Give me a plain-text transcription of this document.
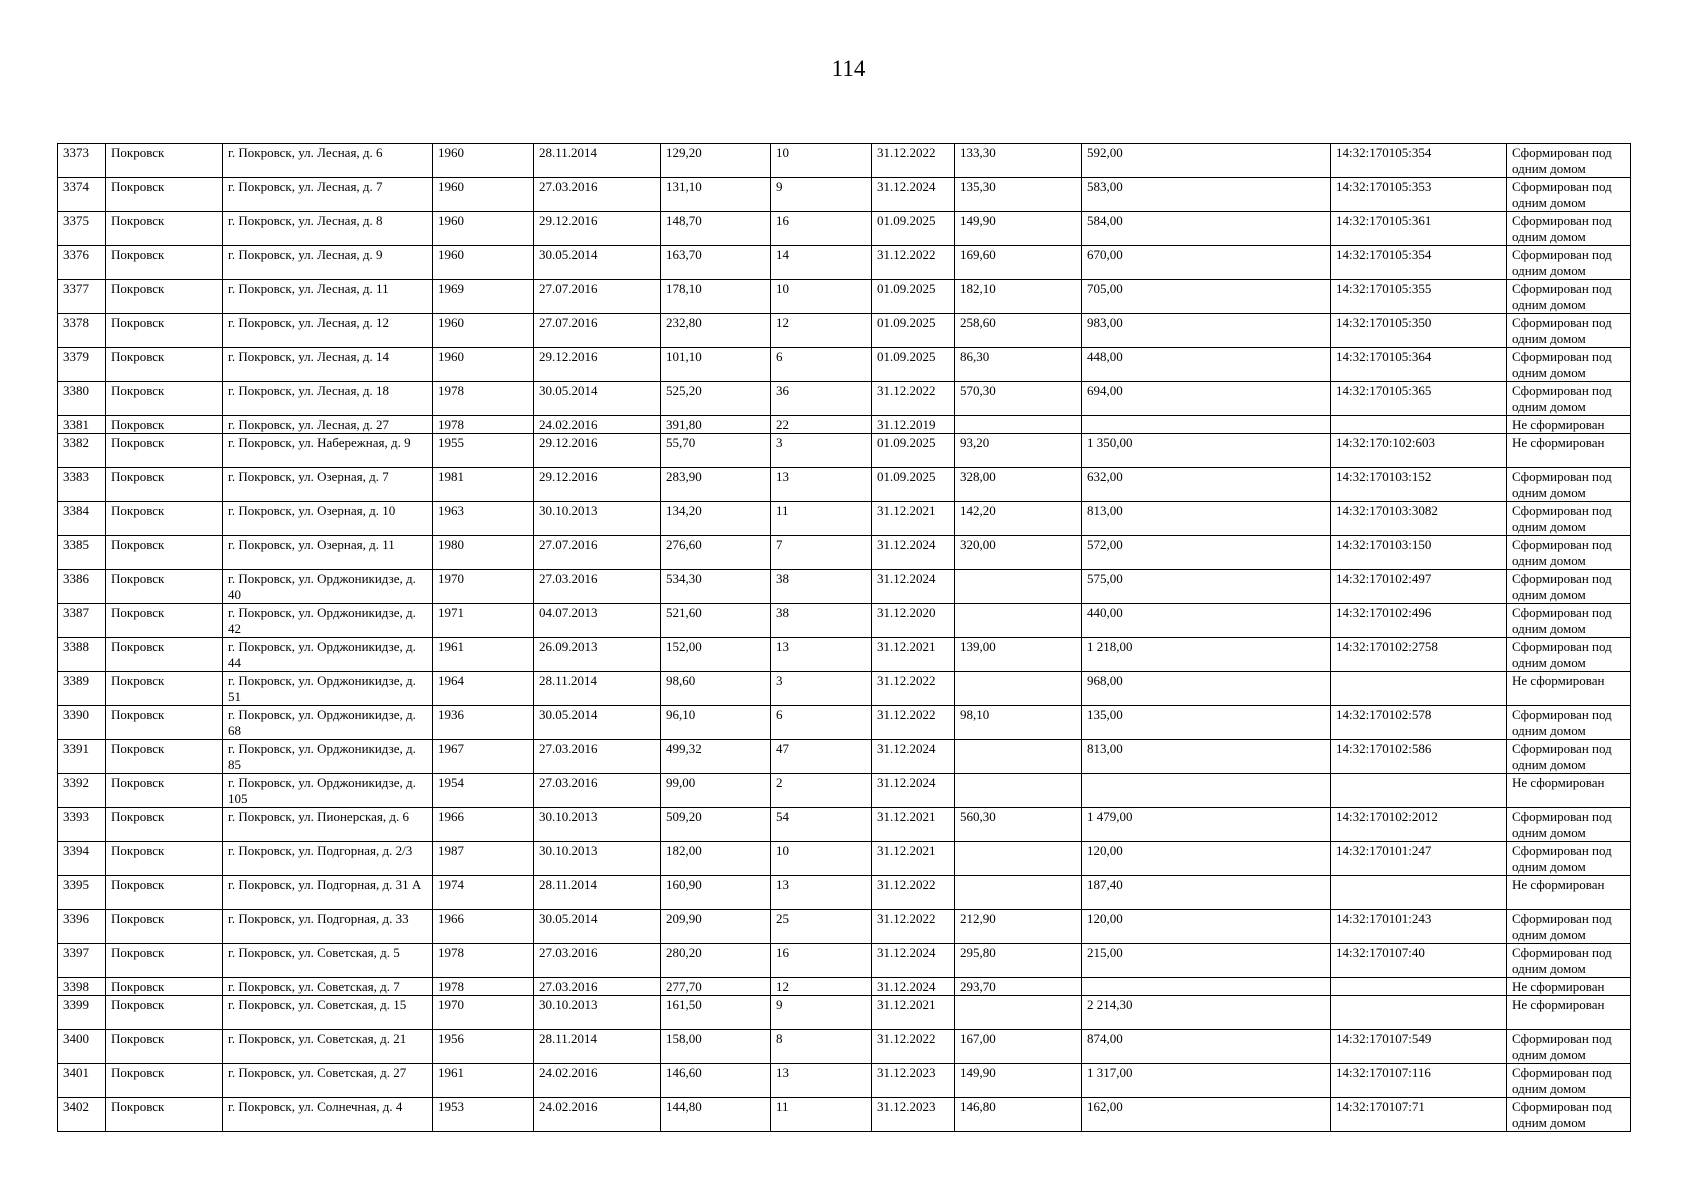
114
3373	Покровск	г. Покровск, ул. Лесная, д. 6	1960	28.11.2014	129,20	10	31.12.2022	133,30	592,00	14:32:170105:354	Сформирован под одним домом
3374	Покровск	г. Покровск, ул. Лесная, д. 7	1960	27.03.2016	131,10	9	31.12.2024	135,30	583,00	14:32:170105:353	Сформирован под одним домом
3375	Покровск	г. Покровск, ул. Лесная, д. 8	1960	29.12.2016	148,70	16	01.09.2025	149,90	584,00	14:32:170105:361	Сформирован под одним домом
3376	Покровск	г. Покровск, ул. Лесная, д. 9	1960	30.05.2014	163,70	14	31.12.2022	169,60	670,00	14:32:170105:354	Сформирован под одним домом
3377	Покровск	г. Покровск, ул. Лесная, д. 11	1969	27.07.2016	178,10	10	01.09.2025	182,10	705,00	14:32:170105:355	Сформирован под одним домом
3378	Покровск	г. Покровск, ул. Лесная, д. 12	1960	27.07.2016	232,80	12	01.09.2025	258,60	983,00	14:32:170105:350	Сформирован под одним домом
3379	Покровск	г. Покровск, ул. Лесная, д. 14	1960	29.12.2016	101,10	6	01.09.2025	86,30	448,00	14:32:170105:364	Сформирован под одним домом
3380	Покровск	г. Покровск, ул. Лесная, д. 18	1978	30.05.2014	525,20	36	31.12.2022	570,30	694,00	14:32:170105:365	Сформирован под одним домом
3381	Покровск	г. Покровск, ул. Лесная, д. 27	1978	24.02.2016	391,80	22	31.12.2019				Не сформирован
3382	Покровск	г. Покровск, ул. Набережная, д. 9	1955	29.12.2016	55,70	3	01.09.2025	93,20	1 350,00	14:32:170:102:603	Не сформирован
3383	Покровск	г. Покровск, ул. Озерная, д. 7	1981	29.12.2016	283,90	13	01.09.2025	328,00	632,00	14:32:170103:152	Сформирован под одним домом
3384	Покровск	г. Покровск, ул. Озерная, д. 10	1963	30.10.2013	134,20	11	31.12.2021	142,20	813,00	14:32:170103:3082	Сформирован под одним домом
3385	Покровск	г. Покровск, ул. Озерная, д. 11	1980	27.07.2016	276,60	7	31.12.2024	320,00	572,00	14:32:170103:150	Сформирован под одним домом
3386	Покровск	г. Покровск, ул. Орджоникидзе, д. 40	1970	27.03.2016	534,30	38	31.12.2024		575,00	14:32:170102:497	Сформирован под одним домом
3387	Покровск	г. Покровск, ул. Орджоникидзе, д. 42	1971	04.07.2013	521,60	38	31.12.2020		440,00	14:32:170102:496	Сформирован под одним домом
3388	Покровск	г. Покровск, ул. Орджоникидзе, д. 44	1961	26.09.2013	152,00	13	31.12.2021	139,00	1 218,00	14:32:170102:2758	Сформирован под одним домом
3389	Покровск	г. Покровск, ул. Орджоникидзе, д. 51	1964	28.11.2014	98,60	3	31.12.2022		968,00		Не сформирован
3390	Покровск	г. Покровск, ул. Орджоникидзе, д. 68	1936	30.05.2014	96,10	6	31.12.2022	98,10	135,00	14:32:170102:578	Сформирован под одним домом
3391	Покровск	г. Покровск, ул. Орджоникидзе, д. 85	1967	27.03.2016	499,32	47	31.12.2024		813,00	14:32:170102:586	Сформирован под одним домом
3392	Покровск	г. Покровск, ул. Орджоникидзе, д. 105	1954	27.03.2016	99,00	2	31.12.2024				Не сформирован
3393	Покровск	г. Покровск, ул. Пионерская, д. 6	1966	30.10.2013	509,20	54	31.12.2021	560,30	1 479,00	14:32:170102:2012	Сформирован под одним домом
3394	Покровск	г. Покровск, ул. Подгорная, д. 2/3	1987	30.10.2013	182,00	10	31.12.2021		120,00	14:32:170101:247	Сформирован под одним домом
3395	Покровск	г. Покровск, ул. Подгорная, д. 31 А	1974	28.11.2014	160,90	13	31.12.2022		187,40		Не сформирован
3396	Покровск	г. Покровск, ул. Подгорная, д. 33	1966	30.05.2014	209,90	25	31.12.2022	212,90	120,00	14:32:170101:243	Сформирован под одним домом
3397	Покровск	г. Покровск, ул. Советская, д. 5	1978	27.03.2016	280,20	16	31.12.2024	295,80	215,00	14:32:170107:40	Сформирован под одним домом
3398	Покровск	г. Покровск, ул. Советская, д. 7	1978	27.03.2016	277,70	12	31.12.2024	293,70			Не сформирован
3399	Покровск	г. Покровск, ул. Советская, д. 15	1970	30.10.2013	161,50	9	31.12.2021		2 214,30		Не сформирован
3400	Покровск	г. Покровск, ул. Советская, д. 21	1956	28.11.2014	158,00	8	31.12.2022	167,00	874,00	14:32:170107:549	Сформирован под одним домом
3401	Покровск	г. Покровск, ул. Советская, д. 27	1961	24.02.2016	146,60	13	31.12.2023	149,90	1 317,00	14:32:170107:116	Сформирован под одним домом
3402	Покровск	г. Покровск, ул. Солнечная, д. 4	1953	24.02.2016	144,80	11	31.12.2023	146,80	162,00	14:32:170107:71	Сформирован под одним домом
